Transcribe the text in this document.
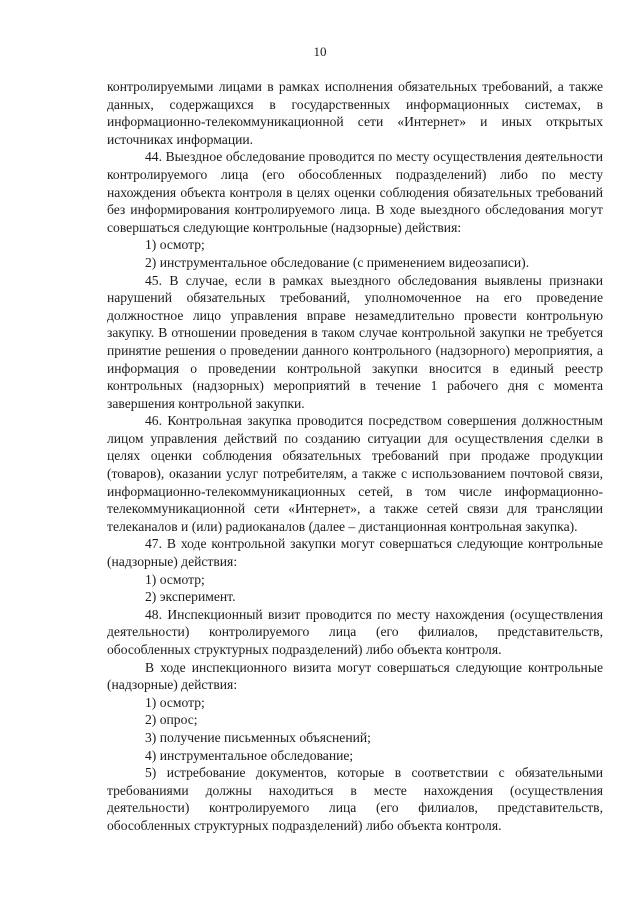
10

контролируемыми лицами в рамках исполнения обязательных требований, а также данных, содержащихся в государственных информационных системах, в информационно-телекоммуникационной сети «Интернет» и иных открытых источниках информации.

44. Выездное обследование проводится по месту осуществления деятельности контролируемого лица (его обособленных подразделений) либо по месту нахождения объекта контроля в целях оценки соблюдения обязательных требований без информирования контролируемого лица. В ходе выездного обследования могут совершаться следующие контрольные (надзорные) действия:

1) осмотр;

2) инструментальное обследование (с применением видеозаписи).

45. В случае, если в рамках выездного обследования выявлены признаки нарушений обязательных требований, уполномоченное на его проведение должностное лицо управления вправе незамедлительно провести контрольную закупку. В отношении проведения в таком случае контрольной закупки не требуется принятие решения о проведении данного контрольного (надзорного) мероприятия, а информация о проведении контрольной закупки вносится в единый реестр контрольных (надзорных) мероприятий в течение 1 рабочего дня с момента завершения контрольной закупки.

46. Контрольная закупка проводится посредством совершения должностным лицом управления действий по созданию ситуации для осуществления сделки в целях оценки соблюдения обязательных требований при продаже продукции (товаров), оказании услуг потребителям, а также с использованием почтовой связи, информационно-телекоммуникационных сетей, в том числе информационно-телекоммуникационной сети «Интернет», а также сетей связи для трансляции телеканалов и (или) радиоканалов (далее – дистанционная контрольная закупка).

47. В ходе контрольной закупки могут совершаться следующие контрольные (надзорные) действия:

1) осмотр;

2) эксперимент.

48. Инспекционный визит проводится по месту нахождения (осуществления деятельности) контролируемого лица (его филиалов, представительств, обособленных структурных подразделений) либо объекта контроля.

В ходе инспекционного визита могут совершаться следующие контрольные (надзорные) действия:

1) осмотр;

2) опрос;

3) получение письменных объяснений;

4) инструментальное обследование;

5) истребование документов, которые в соответствии с обязательными требованиями должны находиться в месте нахождения (осуществления деятельности) контролируемого лица (его филиалов, представительств, обособленных структурных подразделений) либо объекта контроля.
